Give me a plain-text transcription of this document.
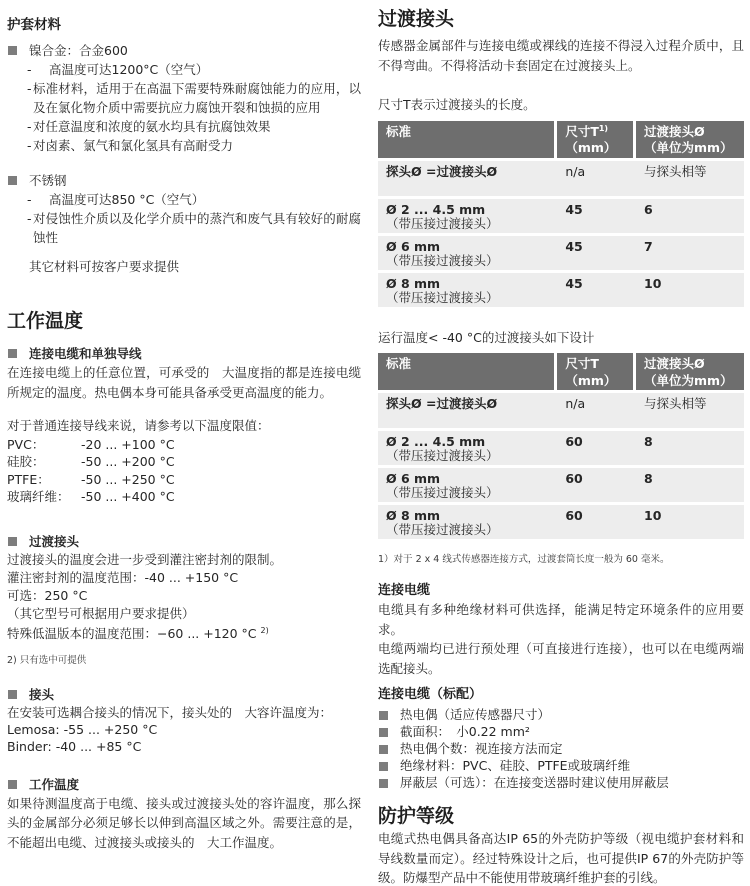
护套材料
镍合金：合金600
- 高温度可达1200°C（空气）
- 标准材料，适用于在高温下需要特殊耐腐蚀能力的应用，以及在氯化物介质中需要抗应力腐蚀开裂和蚀损的应用
- 对任意温度和浓度的氨水均具有抗腐蚀效果
- 对卤素、氯气和氯化氢具有高耐受力
不锈钢
- 高温度可达850 °C（空气）
- 对侵蚀性介质以及化学介质中的蒸汽和废气具有较好的耐腐蚀性
其它材料可按客户要求提供
工作温度
连接电缆和单独导线
在连接电缆上的任意位置，可承受的　大温度指的都是连接电缆所规定的温度。热电偶本身可能具备承受更高温度的能力。
对于普通连接导线来说，请参考以下温度限值：
PVC：	-20 ... +100 °C
硅胶：	-50 ... +200 °C
PTFE：	-50 ... +250 °C
玻璃纤维： -50 ... +400 °C
过渡接头
过渡接头的温度会进一步受到灌注密封剂的限制。
灌注密封剂的温度范围：-40 ... +150 °C
可选：250 °C
（其它型号可根据用户要求提供）
特殊低温版本的温度范围：−60 ... +120 °C $^{2)}$
2) 只有选中可提供
接头
在安装可选耦合接头的情况下，接头处的　大容许温度为：
Lemosa: -55 ... +250 °C
Binder: -40 ... +85 °C
工作温度
如果待测温度高于电缆、接头或过渡接头处的容许温度，那么探头的金属部分必须足够长以伸到高温区域之外。需要注意的是，不能超出电缆、过渡接头或接头的　大工作温度。
过渡接头
传感器金属部件与连接电缆或裸线的连接不得浸入过程介质中，且不得弯曲。不得将活动卡套固定在过渡接头上。
尺寸T表示过渡接头的长度。
标准	尺寸$T^{1)}$
（mm）	过渡接头Ø
（单位为mm）

探头Ø =过渡接头Ø	n/a	与探头相等

Ø 2 ... 4.5 mm
（带压接过渡接头）	45	6

Ø 6 mm
（带压接过渡接头）	45	7

Ø 8 mm
（带压接过渡接头）	45	10
运行温度< -40 °C的过渡接头如下设计
标准	尺寸T
（mm）	过渡接头Ø
（单位为mm）

探头Ø =过渡接头Ø	n/a	与探头相等

Ø 2 ... 4.5 mm
（带压接过渡接头）	60	8

Ø 6 mm
（带压接过渡接头）	60	8

Ø 8 mm
（带压接过渡接头）	60	10
1）对于 2 x 4 线式传感器连接方式，过渡套筒长度一般为 60 毫米。
连接电缆
电缆具有多种绝缘材料可供选择，能满足特定环境条件的应用要求。
电缆两端均已进行预处理（可直接进行连接），也可以在电缆两端选配接头。
连接电缆（标配）
热电偶（适应传感器尺寸）
截面积：　小0.22 mm²
热电偶个数：视连接方法而定
绝缘材料：PVC、硅胶、PTFE或玻璃纤维
屏蔽层（可选）：在连接变送器时建议使用屏蔽层
防护等级
电缆式热电偶具备高达IP 65的外壳防护等级（视电缆护套材料和导线数量而定）。经过特殊设计之后，也可提供IP 67的外壳防护等级。防爆型产品中不能使用带玻璃纤维护套的引线。
